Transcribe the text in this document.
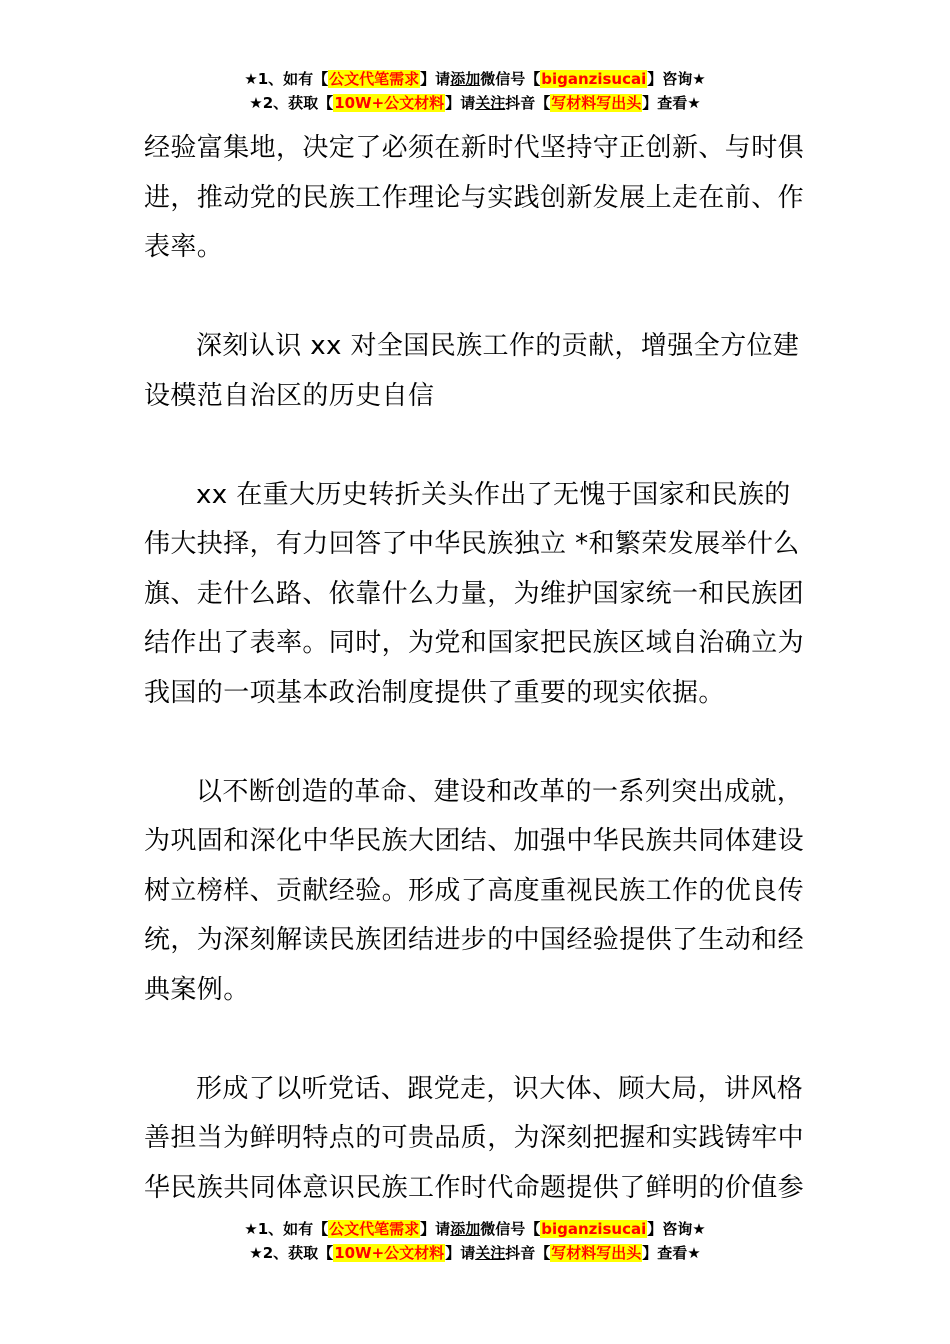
★1、如有【公文代笔需求】请添加微信号【biganzisucai】咨询★
★2、获取【10W+公文材料】请关注抖音【写材料写出头】查看★

经验富集地，决定了必须在新时代坚持守正创新、与时俱进，推动党的民族工作理论与实践创新发展上走在前、作表率。

深刻认识 xx 对全国民族工作的贡献，增强全方位建设模范自治区的历史自信

xx 在重大历史转折关头作出了无愧于国家和民族的伟大抉择，有力回答了中华民族独立 *和繁荣发展举什么旗、走什么路、依靠什么力量，为维护国家统一和民族团结作出了表率。同时，为党和国家把民族区域自治确立为我国的一项基本政治制度提供了重要的现实依据。

以不断创造的革命、建设和改革的一系列突出成就，为巩固和深化中华民族大团结、加强中华民族共同体建设树立榜样、贡献经验。形成了高度重视民族工作的优良传统，为深刻解读民族团结进步的中国经验提供了生动和经典案例。

形成了以听党话、跟党走，识大体、顾大局，讲风格善担当为鲜明特点的可贵品质，为深刻把握和实践铸牢中华民族共同体意识民族工作时代命题提供了鲜明的价值参

★1、如有【公文代笔需求】请添加微信号【biganzisucai】咨询★
★2、获取【10W+公文材料】请关注抖音【写材料写出头】查看★
